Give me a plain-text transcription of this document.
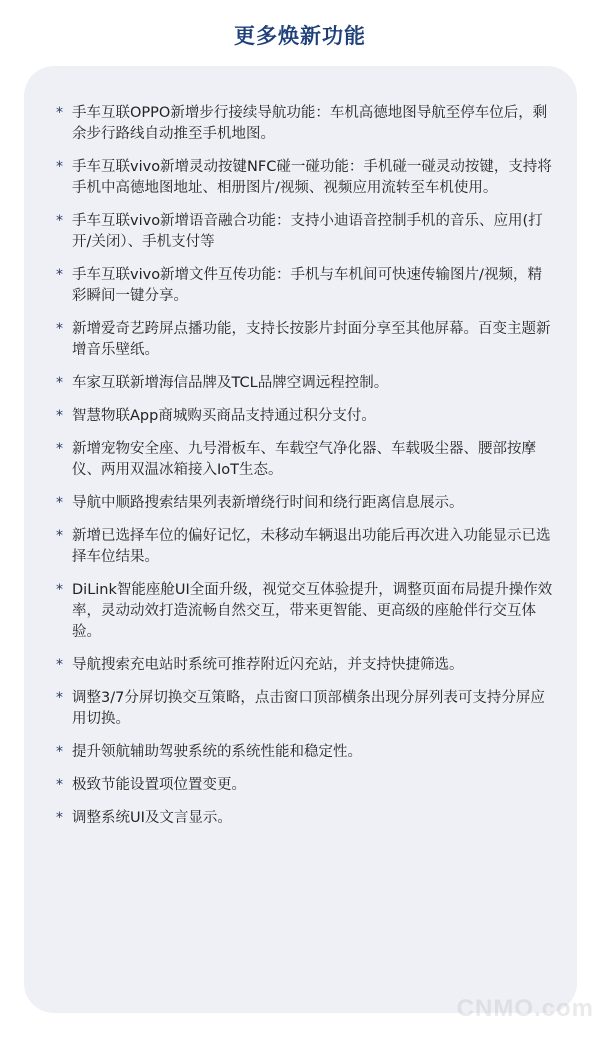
更多焕新功能
* 手车互联OPPO新增步行接续导航功能：车机高德地图导航至停车位后，剩余步行路线自动推至手机地图。
* 手车互联vivo新增灵动按键NFC碰一碰功能：手机碰一碰灵动按键，支持将手机中高德地图地址、相册图片/视频、视频应用流转至车机使用。
* 手车互联vivo新增语音融合功能：支持小迪语音控制手机的音乐、应用(打开/关闭）、手机支付等
* 手车互联vivo新增文件互传功能：手机与车机间可快速传输图片/视频，精彩瞬间一键分享。
* 新增爱奇艺跨屏点播功能，支持长按影片封面分享至其他屏幕。百变主题新增音乐壁纸。
* 车家互联新增海信品牌及TCL品牌空调远程控制。
* 智慧物联App商城购买商品支持通过积分支付。
* 新增宠物安全座、九号滑板车、车载空气净化器、车载吸尘器、腰部按摩仪、两用双温冰箱接入IoT生态。
* 导航中顺路搜索结果列表新增绕行时间和绕行距离信息展示。
* 新增已选择车位的偏好记忆，未移动车辆退出功能后再次进入功能显示已选择车位结果。
* DiLink智能座舱UI全面升级，视觉交互体验提升，调整页面布局提升操作效率，灵动动效打造流畅自然交互，带来更智能、更高级的座舱伴行交互体验。
* 导航搜索充电站时系统可推荐附近闪充站，并支持快捷筛选。
* 调整3/7分屏切换交互策略，点击窗口顶部横条出现分屏列表可支持分屏应用切换。
* 提升领航辅助驾驶系统的系统性能和稳定性。
* 极致节能设置项位置变更。
* 调整系统UI及文言显示。
CNMO.com
